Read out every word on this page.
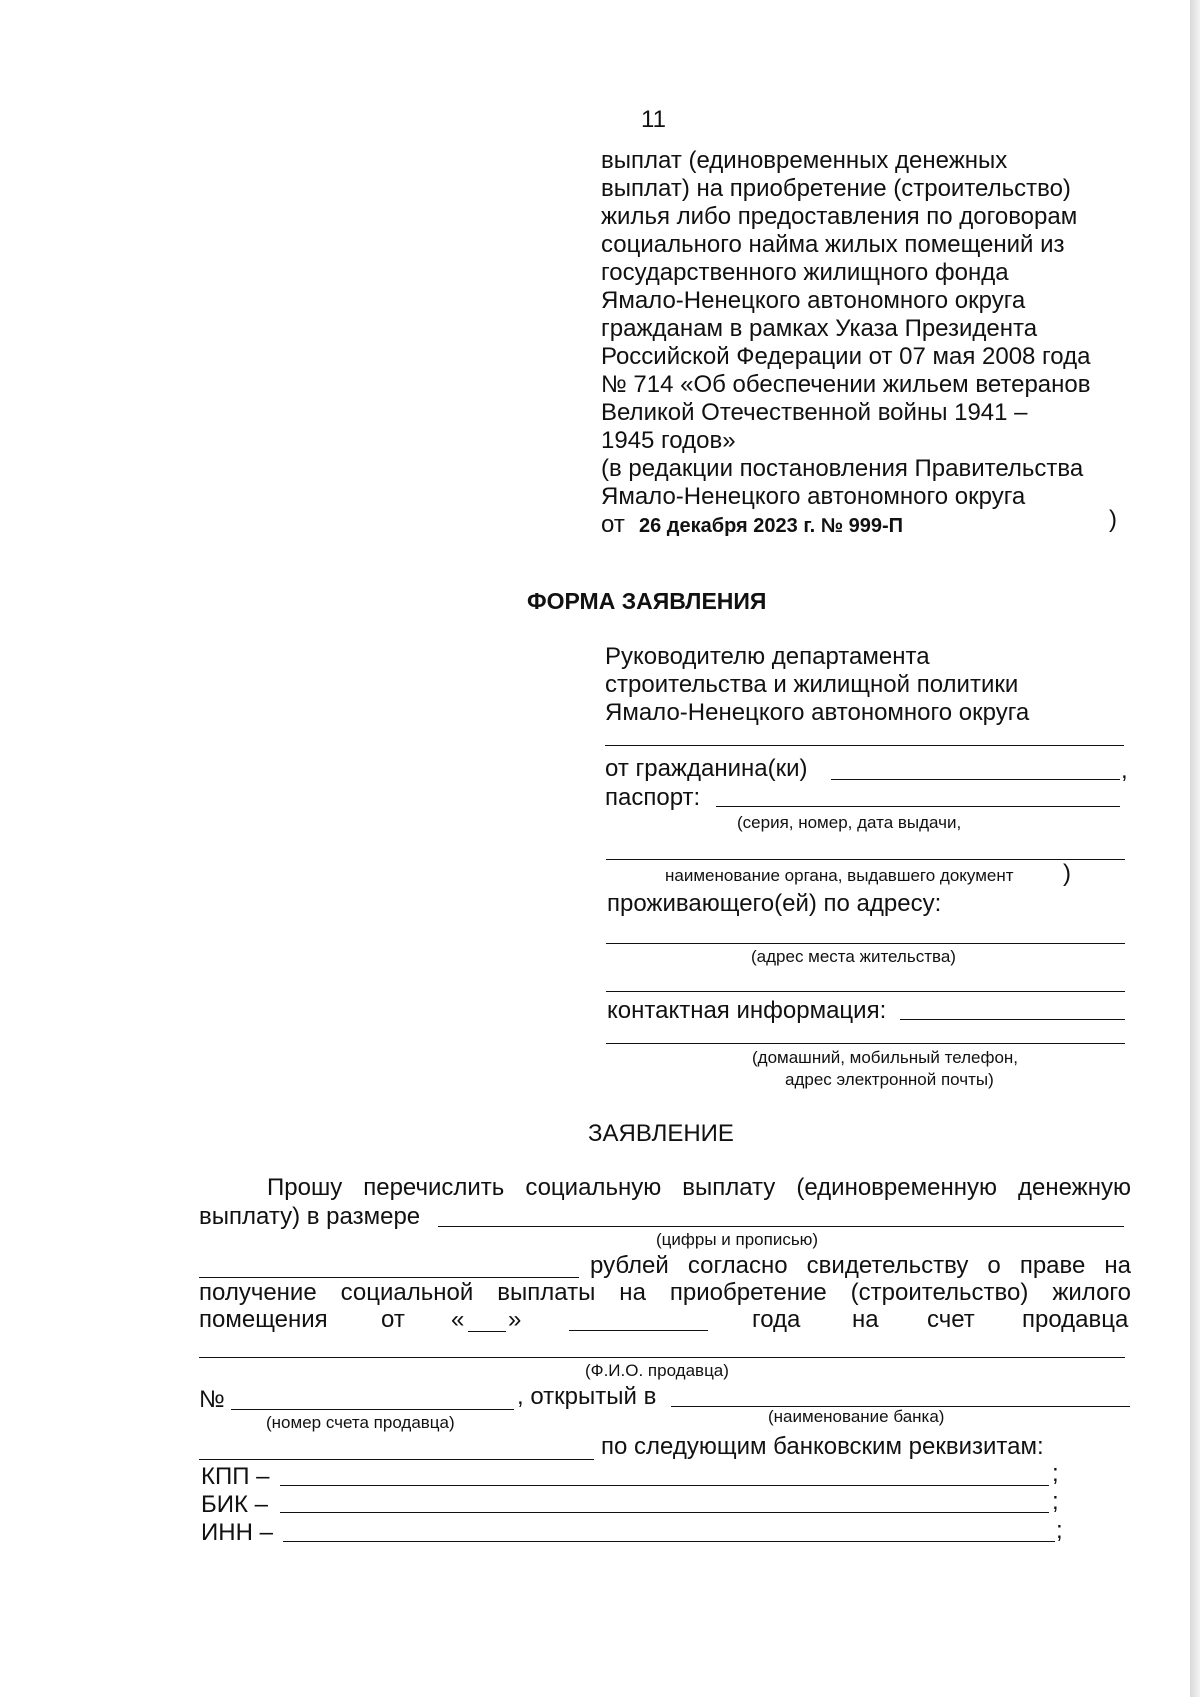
11
выплат (единовременных денежных
выплат) на приобретение (строительство)
жилья либо предоставления по договорам
социального найма жилых помещений из
государственного жилищного фонда
Ямало-Ненецкого автономного округа
гражданам в рамках Указа Президента
Российской Федерации от 07 мая 2008 года
№ 714 «Об обеспечении жильем ветеранов
Великой Отечественной войны 1941 –
1945 годов»
(в редакции постановления Правительства
Ямало-Ненецкого автономного округа
от 26 декабря 2023 г. № 999-П	)
ФОРМА ЗАЯВЛЕНИЯ
Руководителю департамента
строительства и жилищной политики
Ямало-Ненецкого автономного округа
от гражданина(ки)	,
паспорт:
(серия, номер, дата выдачи,
наименование органа, выдавшего документ )
проживающего(ей) по адресу:
(адрес места жительства)
контактная информация:
(домашний, мобильный телефон,
адрес электронной почты)
ЗАЯВЛЕНИЕ
Прошу перечислить социальную выплату (единовременную денежную
выплату) в размере
(цифры и прописью)
рублей согласно свидетельству о праве на
получение социальной выплаты на приобретение (строительство) жилого
помещения от « »	года на счет продавца
(Ф.И.О. продавца)
№	, открытый в
(номер счета продавца)	(наименование банка)
по следующим банковским реквизитам:
КПП –	;
БИК –	;
ИНН –	;
